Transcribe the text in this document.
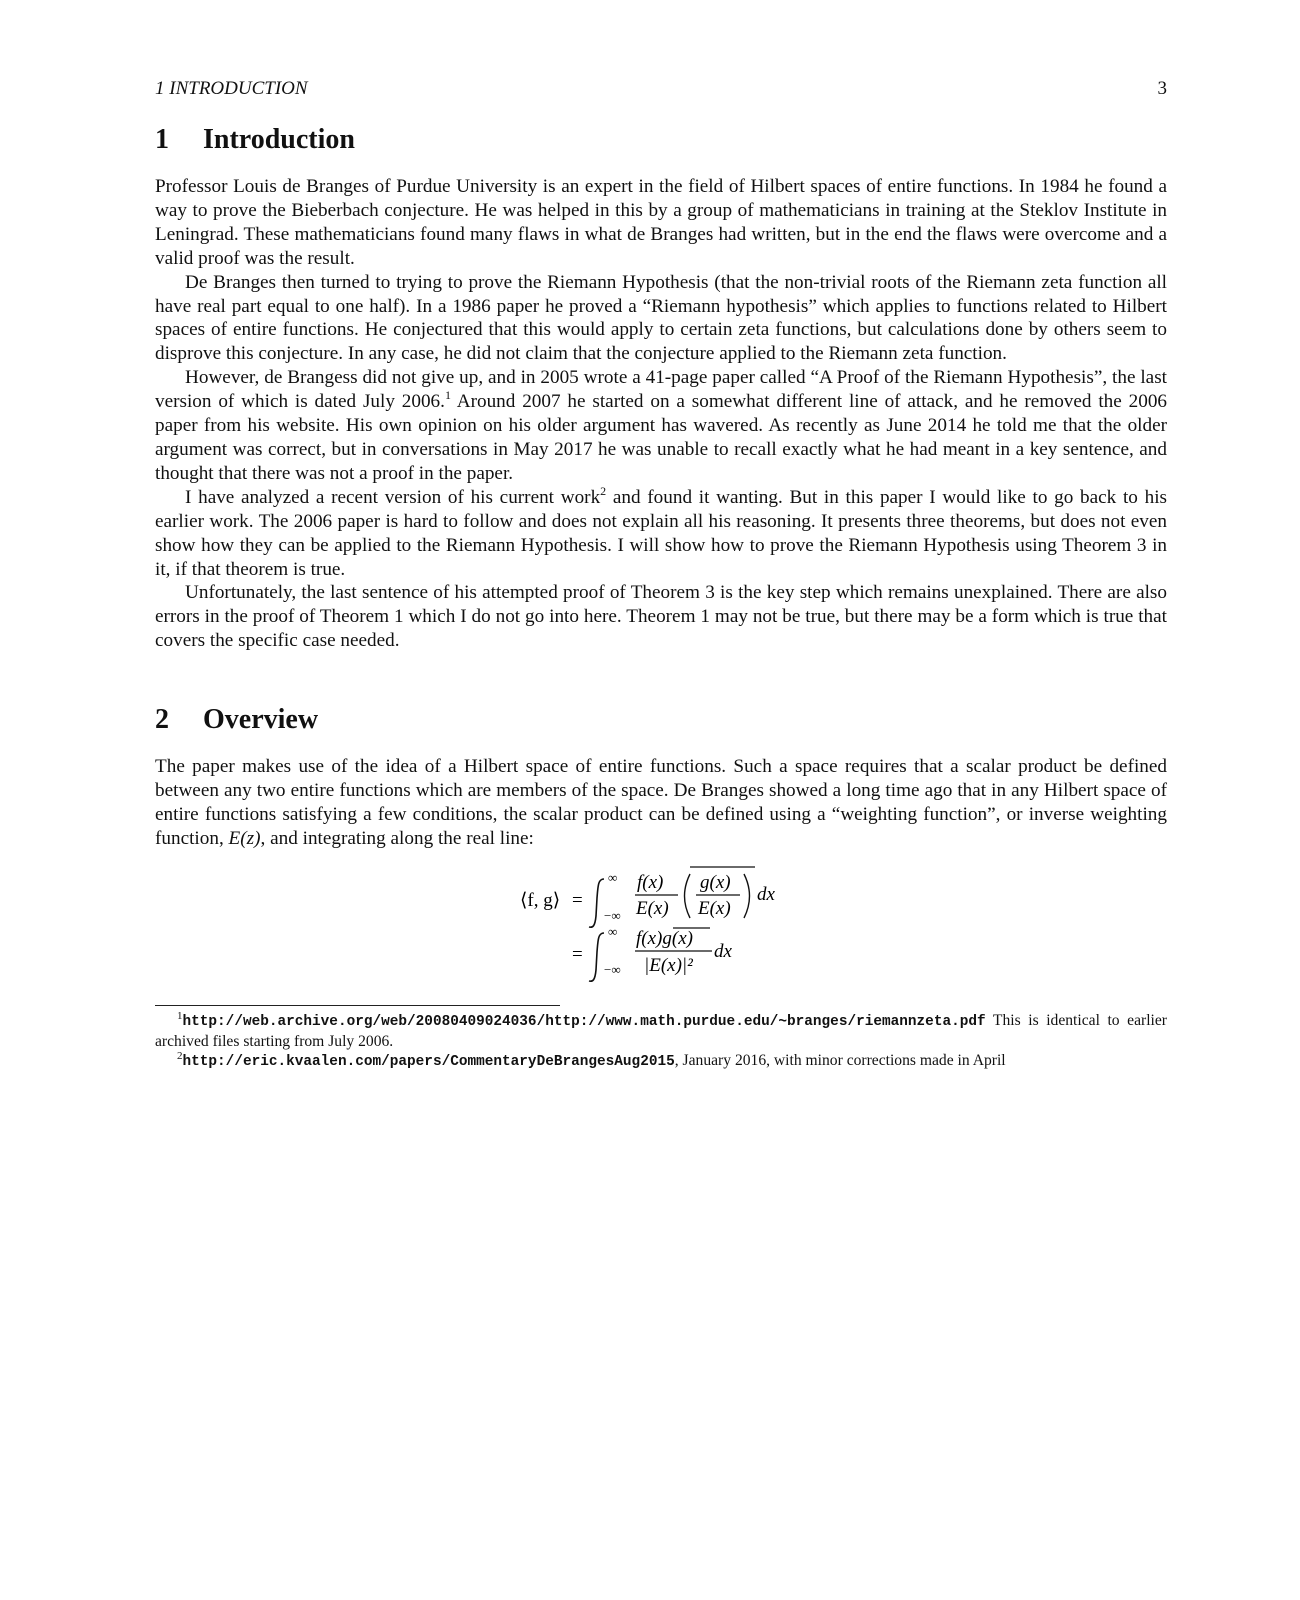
1 INTRODUCTION	3
1 Introduction

Professor Louis de Branges of Purdue University is an expert in the field of Hilbert spaces of entire functions. In 1984 he found a way to prove the Bieberbach conjecture. He was helped in this by a group of mathematicians in training at the Steklov Institute in Leningrad. These mathematicians found many flaws in what de Branges had written, but in the end the flaws were overcome and a valid proof was the result.

De Branges then turned to trying to prove the Riemann Hypothesis (that the non-trivial roots of the Riemann zeta function all have real part equal to one half). In a 1986 paper he proved a “Riemann hypothesis” which applies to functions related to Hilbert spaces of entire functions. He conjectured that this would apply to certain zeta functions, but calculations done by others seem to disprove this conjecture. In any case, he did not claim that the conjecture applied to the Riemann zeta function.

However, de Brangess did not give up, and in 2005 wrote a 41-page paper called “A Proof of the Riemann Hypothesis”, the last version of which is dated July 2006.$^1$ Around 2007 he started on a somewhat different line of attack, and he removed the 2006 paper from his website. His own opinion on his older argument has wavered. As recently as June 2014 he told me that the older argument was correct, but in conversations in May 2017 he was unable to recall exactly what he had meant in a key sentence, and thought that there was not a proof in the paper.

I have analyzed a recent version of his current work$^2$ and found it wanting. But in this paper I would like to go back to his earlier work. The 2006 paper is hard to follow and does not explain all his reasoning. It presents three theorems, but does not even show how they can be applied to the Riemann Hypothesis. I will show how to prove the Riemann Hypothesis using Theorem 3 in it, if that theorem is true.

Unfortunately, the last sentence of his attempted proof of Theorem 3 is the key step which remains unexplained. There are also errors in the proof of Theorem 1 which I do not go into here. Theorem 1 may not be true, but there may be a form which is true that covers the specific case needed.

2 Overview

The paper makes use of the idea of a Hilbert space of entire functions. Such a space requires that a scalar product be defined between any two entire functions which are members of the space. De Branges showed a long time ago that in any Hilbert space of entire functions satisfying a few conditions, the scalar product can be defined using a “weighting function”, or inverse weighting function, E(z), and integrating along the real line:

⟨f, g⟩ =
∞
−∞
f(x)
E(x)
g(x)
E(x)
dx
=
∞
−∞
f(x)g(x)
|E(x)|²
dx

$^1$http://web.archive.org/web/20080409024036/http://www.math.purdue.edu/~branges/riemannzeta.pdf This is identical to earlier archived files starting from July 2006.

$^2$http://eric.kvaalen.com/papers/CommentaryDeBrangesAug2015, January 2016, with minor corrections made in April
